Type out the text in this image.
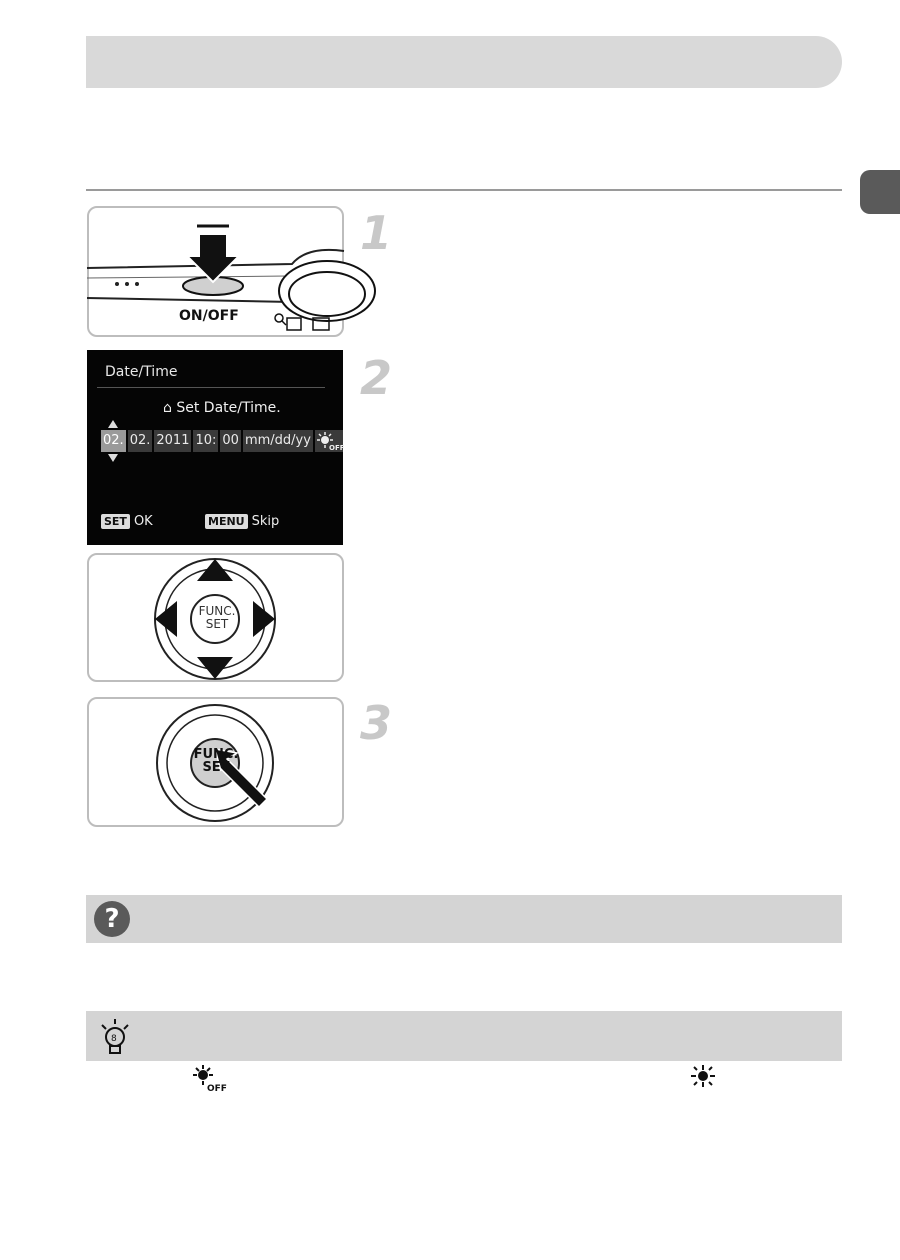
ON/OFF
1
Date/Time
⌂ Set Date/Time.
02. 02. 2011 10: 00 mm/dd/yy	OFF
SET OK	MENU Skip
2
FUNC.
SET
FUNC.
SET
3
?
8
OFF
